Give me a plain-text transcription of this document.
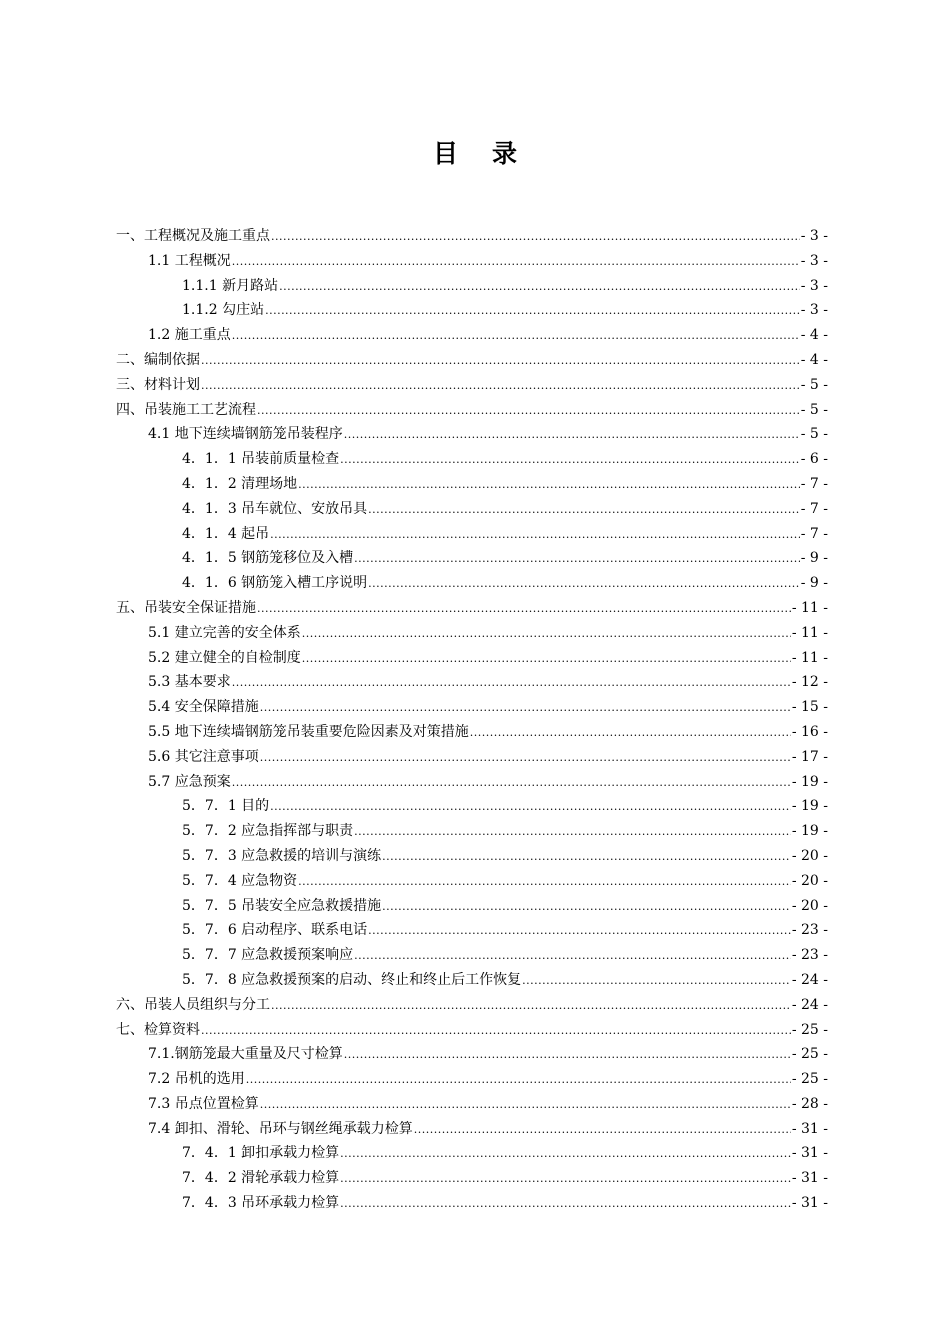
目录
一、工程概况及施工重点 .....	- 3 -
1.1 工程概况 .....	- 3 -
1.1.1 新月路站 .....	- 3 -
1.1.2 勾庄站 .....	- 3 -
1.2 施工重点 .....	- 4 -
二、编制依据 .....	- 4 -
三、材料计划 .....	- 5 -
四、吊装施工工艺流程 .....	- 5 -
4.1 地下连续墙钢筋笼吊装程序 .....	- 5 -
4．1．1 吊装前质量检查 .....	- 6 -
4．1．2 清理场地 .....	- 7 -
4．1．3 吊车就位、安放吊具 .....	- 7 -
4．1．4 起吊 .....	- 7 -
4．1．5 钢筋笼移位及入槽 .....	- 9 -
4．1．6 钢筋笼入槽工序说明 .....	- 9 -
五、吊装安全保证措施 .....	- 11 -
5.1 建立完善的安全体系 .....	- 11 -
5.2 建立健全的自检制度 .....	- 11 -
5.3 基本要求 .....	- 12 -
5.4 安全保障措施 .....	- 15 -
5.5 地下连续墙钢筋笼吊装重要危险因素及对策措施 .....	- 16 -
5.6 其它注意事项 .....	- 17 -
5.7 应急预案 .....	- 19 -
5．7．1 目的 .....	- 19 -
5．7．2 应急指挥部与职责 .....	- 19 -
5．7．3 应急救援的培训与演练 .....	- 20 -
5．7．4 应急物资 .....	- 20 -
5．7．5 吊装安全应急救援措施 .....	- 20 -
5．7．6 启动程序、联系电话 .....	- 23 -
5．7．7 应急救援预案响应 .....	- 23 -
5．7．8 应急救援预案的启动、终止和终止后工作恢复 .....	- 24 -
六、吊装人员组织与分工 .....	- 24 -
七、检算资料 .....	- 25 -
7.1.钢筋笼最大重量及尺寸检算 .....	- 25 -
7.2 吊机的选用 .....	- 25 -
7.3 吊点位置检算 .....	- 28 -
7.4 卸扣、滑轮、吊环与钢丝绳承载力检算 .....	- 31 -
7．4．1 卸扣承载力检算 .....	- 31 -
7．4．2 滑轮承载力检算 .....	- 31 -
7．4．3 吊环承载力检算 .....	- 31 -
